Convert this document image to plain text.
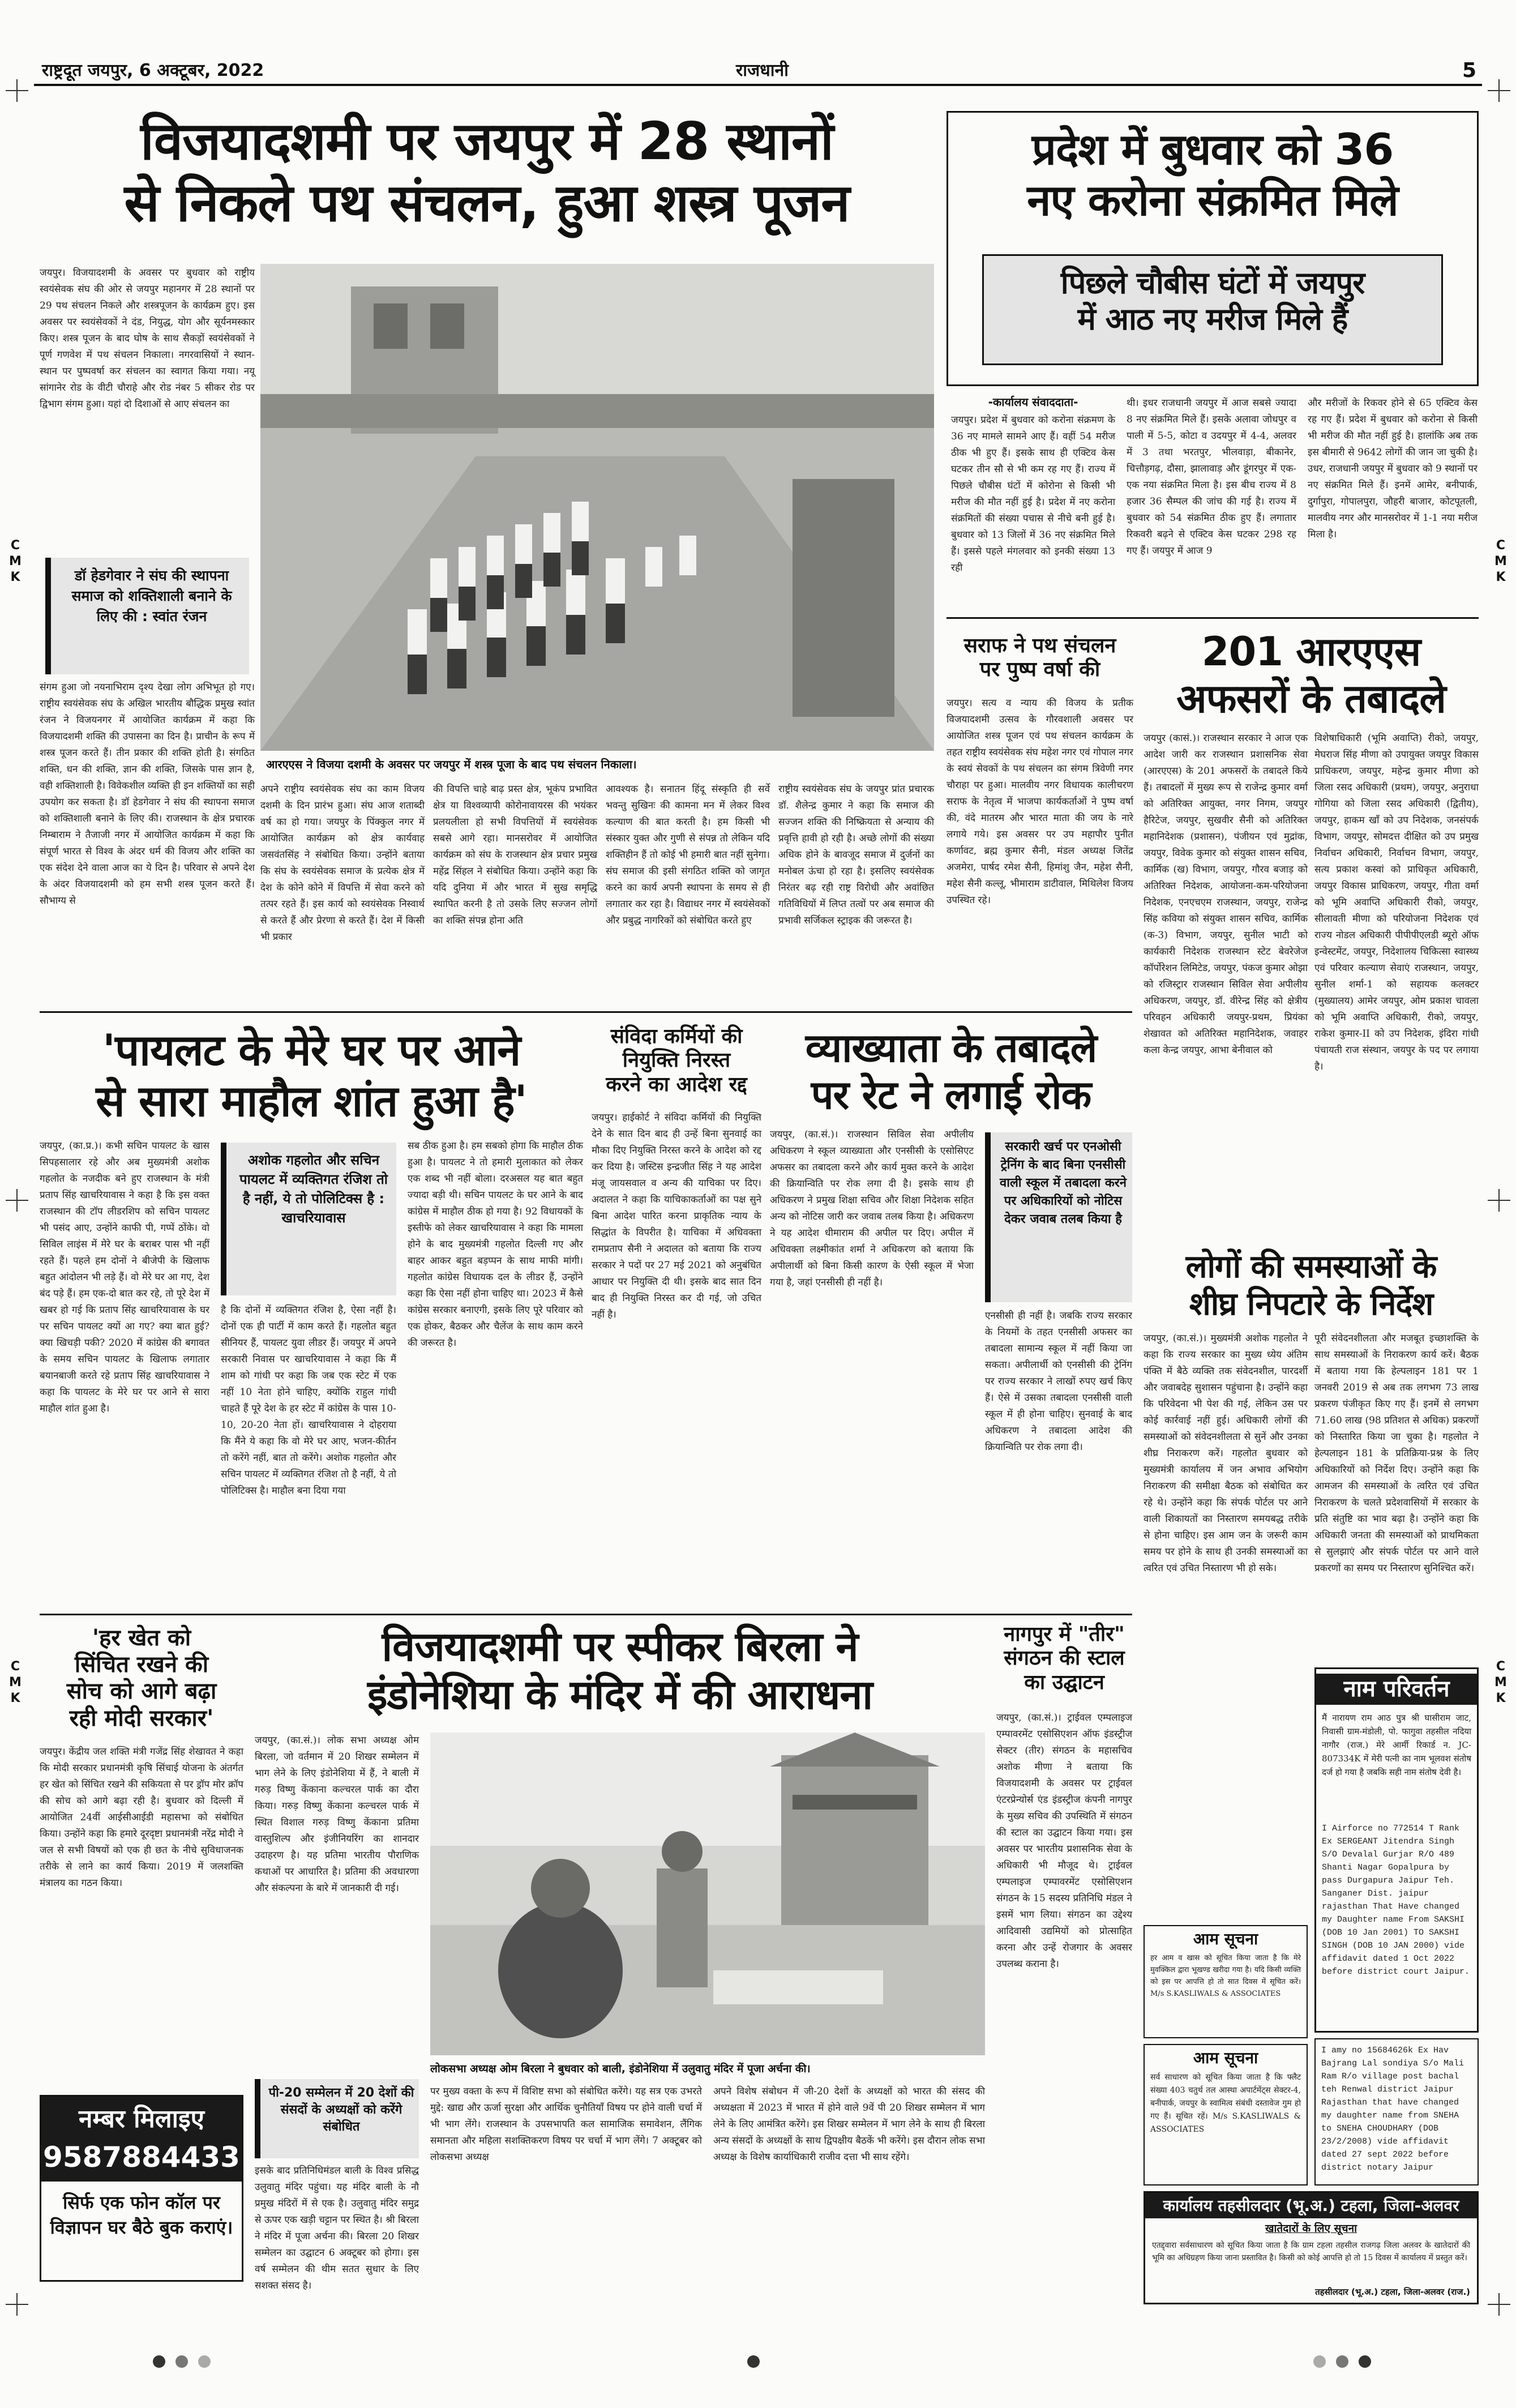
C
M
K
C
M
K
C
M
K
C
M
K
राष्ट्रदूत जयपुर, 6 अक्टूबर, 2022	राजधानी	5
विजयादशमी पर जयपुर में 28 स्थानों
से निकले पथ संचलन, हुआ शस्त्र पूजन
जयपुर। विजयादशमी के अवसर पर बुधवार को राष्ट्रीय स्वयंसेवक संघ की ओर से जयपुर महानगर में 28 स्थानों पर 29 पथ संचलन निकले और शस्त्रपूजन के कार्यक्रम हुए। इस अवसर पर स्वयंसेवकों ने दंड, नियुद्ध, योग और सूर्यनमस्कार किए। शस्त्र पूजन के बाद घोष के साथ सैकड़ों स्वयंसेवकों ने पूर्ण गणवेश में पथ संचलन निकाला। नगरवासियों ने स्थान-स्थान पर पुष्पवर्षा कर संचलन का स्वागत किया गया। नयू सांगानेर रोड के वीटी चौराहे और रोड नंबर 5 सीकर रोड पर द्विभाग संगम हुआ। यहां दो दिशाओं से आए संचलन का
डॉ हेडगेवार ने संघ की स्थापना समाज को शक्तिशाली बनाने के लिए की : स्वांत रंजन
संगम हुआ जो नयनाभिराम दृश्य देखा लोग अभिभूत हो गए। राष्ट्रीय स्वयंसेवक संघ के अखिल भारतीय बौद्धिक प्रमुख स्वांत रंजन ने विजयनगर में आयोजित कार्यक्रम में कहा कि विजयादशमी शक्ति की उपासना का दिन है। प्राचीन के रूप में शस्त्र पूजन करते हैं। तीन प्रकार की शक्ति होती है। संगठित शक्ति, धन की शक्ति, ज्ञान की शक्ति, जिसके पास ज्ञान है, वही शक्तिशाली है। विवेकशील व्यक्ति ही इन शक्तियों का सही उपयोग कर सकता है। डॉ हेडगेवार ने संघ की स्थापना समाज को शक्तिशाली बनाने के लिए की। राजस्थान के क्षेत्र प्रचारक निम्बाराम ने तैजाजी नगर में आयोजित कार्यक्रम में कहा कि संपूर्ण भारत से विश्व के अंदर धर्म की विजय और शक्ति का एक संदेश देने वाला आज का ये दिन है। परिवार से अपने देश के अंदर विजयादशमी को हम सभी शस्त्र पूजन करते हैं। सौभाग्य से
आरएएस ने विजया दशमी के अवसर पर जयपुर में शस्त्र पूजा के बाद पथ संचलन निकाला।
अपने राष्ट्रीय स्वयंसेवक संघ का काम विजय दशमी के दिन प्रारंभ हुआ। संघ आज शताब्दी वर्ष का हो गया। जयपुर के पिंक्कुल नगर में आयोजित कार्यक्रम को क्षेत्र कार्यवाह जसवंतसिंह ने संबोधित किया। उन्होंने बताया कि संघ के स्वयंसेवक समाज के प्रत्येक क्षेत्र में देश के कोने कोने में विपत्ति में सेवा करने को तत्पर रहते हैं। इस कार्य को स्वयंसेवक निस्वार्थ से करते हैं और प्रेरणा से करते हैं। देश में किसी भी प्रकार
की विपत्ति चाहे बाढ़ प्रस्त क्षेत्र, भूकंप प्रभावित क्षेत्र या विश्वव्यापी कोरोनावायरस की भयंकर प्रलयलीला हो सभी विपत्तियों में स्वयंसेवक सबसे आगे रहा। मानसरोवर में आयोजित कार्यक्रम को संघ के राजस्थान क्षेत्र प्रचार प्रमुख महेंद्र सिंहल ने संबोधित किया। उन्होंने कहा कि यदि दुनिया में और भारत में सुख समृद्धि स्थापित करनी है तो उसके लिए सज्जन लोगों का शक्ति संपन्न होना अति
आवश्यक है। सनातन हिंदू संस्कृति ही सर्वे भवन्तु सुखिनः की कामना मन में लेकर विश्व कल्याण की बात करती है। हम किसी भी संस्कार युक्त और गुणी से संपन्न तो लेकिन यदि शक्तिहीन हैं तो कोई भी हमारी बात नहीं सुनेगा। संघ समाज की इसी संगठित शक्ति को जागृत करने का कार्य अपनी स्थापना के समय से ही लगातार कर रहा है। विद्याधर नगर में स्वयंसेवकों और प्रबुद्ध नागरिकों को संबोधित करते हुए
राष्ट्रीय स्वयंसेवक संघ के जयपुर प्रांत प्रचारक डॉ. शैलेन्द्र कुमार ने कहा कि समाज की सज्जन शक्ति की निष्क्रियता से अन्याय की प्रवृत्ति हावी हो रही है। अच्छे लोगों की संख्या अधिक होने के बावजूद समाज में दुर्जनों का मनोबल ऊंचा हो रहा है। इसलिए स्वयंसेवक निरंतर बढ़ रही राष्ट्र विरोधी और अवांछित गतिविधियों में लिप्त तत्वों पर अब समाज की प्रभावी सर्जिकल स्ट्राइक की जरूरत है।
प्रदेश में बुधवार को 36
नए करोना संक्रमित मिले
पिछले चौबीस घंटों में जयपुर
में आठ नए मरीज मिले हैं
-कार्यालय संवाददाता-
जयपुर। प्रदेश में बुधवार को करोना संक्रमण के 36 नए मामले सामने आए हैं। वहीं 54 मरीज ठीक भी हुए हैं। इसके साथ ही एक्टिव केस घटकर तीन सौ से भी कम रह गए हैं। राज्य में पिछले चौबीस घंटों में कोरोना से किसी भी मरीज की मौत नहीं हुई है। प्रदेश में नए करोना संक्रमितों की संख्या पचास से नीचे बनी हुई है। बुधवार को 13 जिलों में 36 नए संक्रमित मिले हैं। इससे पहले मंगलवार को इनकी संख्या 13 रही
थी। इधर राजधानी जयपुर में आज सबसे ज्यादा 8 नए संक्रमित मिले हैं। इसके अलावा जोधपुर व पाली में 5-5, कोटा व उदयपुर में 4-4, अलवर में 3 तथा भरतपुर, भीलवाड़ा, बीकानेर, चित्तौड़गढ़, दौसा, झालावाड़ और डूंगरपुर में एक-एक नया संक्रमित मिला है। इस बीच राज्य में 8 हजार 36 सैम्पल की जांच की गई है। राज्य में बुधवार को 54 संक्रमित ठीक हुए हैं। लगातार रिकवरी बढ़ने से एक्टिव केस घटकर 298 रह गए हैं। जयपुर में आज 9
और मरीजों के रिकवर होने से 65 एक्टिव केस रह गए हैं। प्रदेश में बुधवार को करोना से किसी भी मरीज की मौत नहीं हुई है। हालांकि अब तक इस बीमारी से 9642 लोगों की जान जा चुकी है। उधर, राजधानी जयपुर में बुधवार को 9 स्थानों पर नए संक्रमित मिले हैं। इनमें आमेर, बनीपार्क, दुर्गापुरा, गोपालपुरा, जौहरी बाजार, कोटपूतली, मालवीय नगर और मानसरोवर में 1-1 नया मरीज मिला है।
सराफ ने पथ संचलन
पर पुष्प वर्षा की
जयपुर। सत्य व न्याय की विजय के प्रतीक विजयादशमी उत्सव के गौरवशाली अवसर पर आयोजित शस्त्र पूजन एवं पथ संचलन कार्यक्रम के तहत राष्ट्रीय स्वयंसेवक संघ महेश नगर एवं गोपाल नगर के स्वयं सेवकों के पथ संचलन का संगम त्रिवेणी नगर चौराहा पर हुआ। मालवीय नगर विधायक कालीचरण सराफ के नेतृत्व में भाजपा कार्यकर्ताओं ने पुष्प वर्षा की, वंदे मातरम और भारत माता की जय के नारे लगाये गये। इस अवसर पर उप महापौर पुनीत कर्णावट, ब्रह्म कुमार सैनी, मंडल अध्यक्ष जितेंद्र अजमेरा, पार्षद रमेश सैनी, हिमांशु जैन, महेश सैनी, महेश सैनी कल्लू, भीमाराम डाटीवाल, मिथिलेश विजय उपस्थित रहे।
201 आरएएस
अफसरों के तबादले
जयपुर (कासं.)। राजस्थान सरकार ने आज एक आदेश जारी कर राजस्थान प्रशासनिक सेवा (आरएएस) के 201 अफसरों के तबादले किये हैं। तबादलों में मुख्य रूप से राजेन्द्र कुमार वर्मा को अतिरिक्त आयुक्त, नगर निगम, जयपुर हैरिटेज, जयपुर, सुखवीर सैनी को अतिरिक्त महानिदेशक (प्रशासन), पंजीयन एवं मुद्रांक, जयपुर, विवेक कुमार को संयुक्त शासन सचिव, कार्मिक (ख) विभाग, जयपुर, गौरव बजाड़ को अतिरिक्त निदेशक, आयोजना-कम-परियोजना निदेशक, एनएचएम राजस्थान, जयपुर, राजेन्द्र सिंह कविया को संयुक्त शासन सचिव, कार्मिक (क-3) विभाग, जयपुर, सुनील भाटी को कार्यकारी निदेशक राजस्थान स्टेट बेवरेजेज कॉर्पोरेशन लिमिटेड, जयपुर, पंकज कुमार ओझा को रजिस्ट्रार राजस्थान सिविल सेवा अपीलीय अधिकरण, जयपुर, डॉ. वीरेन्द्र सिंह को क्षेत्रीय परिवहन अधिकारी जयपुर-प्रथम, प्रियंका शेखावत को अतिरिक्त महानिदेशक, जवाहर कला केन्द्र जयपुर, आभा बेनीवाल को
विशेषाधिकारी (भूमि अवाप्ति) रीको, जयपुर, मेघराज सिंह मीणा को उपायुक्त जयपुर विकास प्राधिकरण, जयपुर, महेन्द्र कुमार मीणा को जिला रसद अधिकारी (प्रथम), जयपुर, अनुराधा गोगिया को जिला रसद अधिकारी (द्वितीय), जयपुर, हाकम खाँ को उप निदेशक, जनसंपर्क विभाग, जयपुर, सोमदत्त दीक्षित को उप प्रमुख निर्वाचन अधिकारी, निर्वाचन विभाग, जयपुर, सत्य प्रकाश कस्वां को प्राधिकृत अधिकारी, जयपुर विकास प्राधिकरण, जयपुर, गीता वर्मा को भूमि अवाप्ति अधिकारी रीको, जयपुर, सीलावती मीणा को परियोजना निदेशक एवं राज्य नोडल अधिकारी पीपीपीएलडी ब्यूरो ऑफ इन्वेस्टमेंट, जयपुर, निदेशालय चिकित्सा स्वास्थ्य एवं परिवार कल्याण सेवाएं राजस्थान, जयपुर, सुनील शर्मा-1 को सहायक कलक्टर (मुख्यालय) आमेर जयपुर, ओम प्रकाश चावला को भूमि अवाप्ति अधिकारी, रीको, जयपुर, राकेश कुमार-II को उप निदेशक, इंदिरा गांधी पंचायती राज संस्थान, जयपुर के पद पर लगाया है।
'पायलट के मेरे घर पर आने
से सारा माहौल शांत हुआ है'
जयपुर, (का.प्र.)। कभी सचिन पायलट के खास सिपहसालार रहे और अब मुख्यमंत्री अशोक गहलोत के नजदीक बने हुए राजस्थान के मंत्री प्रताप सिंह खाचरियावास ने कहा है कि इस वक्त राजस्थान की टॉप लीडरशिप को सचिन पायलट भी पसंद आए, उन्होंने काफी पी, गप्पें ठोंके। वो सिविल लाइंस में मेरे घर के बराबर पास भी नहीं रहते हैं। पहले हम दोनों ने बीजेपी के खिलाफ बहुत आंदोलन भी लड़े हैं। वो मेरे घर आ गए, देश बंद पड़े हैं। हम एक-दो बात कर रहे, तो पूरे देश में खबर हो गई कि प्रताप सिंह खाचरियावास के घर पर सचिन पायलट क्यों आ गए? क्या बात हुई? क्या खिचड़ी पकी? 2020 में कांग्रेस की बगावत के समय सचिन पायलट के खिलाफ लगातार बयानबाजी करते रहे प्रताप सिंह खाचरियावास ने कहा कि पायलट के मेरे घर पर आने से सारा माहौल शांत हुआ है।
अशोक गहलोत और सचिन पायलट में व्यक्तिगत रंजिश तो है नहीं, ये तो पोलिटिक्स है : खाचरियावास
है कि दोनों में व्यक्तिगत रंजिश है, ऐसा नहीं है। दोनों एक ही पार्टी में काम करते हैं। गहलोत बहुत सीनियर हैं, पायलट युवा लीडर हैं। जयपुर में अपने सरकारी निवास पर खाचरियावास ने कहा कि मैं शाम को गांधी पर कहा कि जब एक स्टेट में एक नहीं 10 नेता होने चाहिए, क्योंकि राहुल गांधी चाहते हैं पूरे देश के हर स्टेट में कांग्रेस के पास 10-10, 20-20 नेता हों। खाचरियावास ने दोहराया कि मैंने ये कहा कि वो मेरे घर आए, भजन-कीर्तन तो करेंगे नहीं, बात तो करेंगे। अशोक गहलोत और सचिन पायलट में व्यक्तिगत रंजिश तो है नहीं, ये तो पोलिटिक्स है। माहौल बना दिया गया
सब ठीक हुआ है। हम सबको होगा कि माहौल ठीक हुआ है। पायलट ने तो हमारी मुलाकात को लेकर एक शब्द भी नहीं बोला। दरअसल यह बात बहुत ज्यादा बड़ी थी। सचिन पायलट के घर आने के बाद कांग्रेस में माहौल ठीक हो गया है। 92 विधायकों के इस्तीफे को लेकर खाचरियावास ने कहा कि मामला होने के बाद मुख्यमंत्री गहलोत दिल्ली गए और बाहर आकर बहुत बड़प्पन के साथ माफी मांगी। गहलोत कांग्रेस विधायक दल के लीडर हैं, उन्होंने कहा कि ऐसा नहीं होना चाहिए था। 2023 में कैसे कांग्रेस सरकार बनाएगी, इसके लिए पूरे परिवार को एक होकर, बैठकर और चैलेंज के साथ काम करने की जरूरत है।
संविदा कर्मियों की
नियुक्ति निरस्त
करने का आदेश रद्द
जयपुर। हाईकोर्ट ने संविदा कर्मियों की नियुक्ति देने के सात दिन बाद ही उन्हें बिना सुनवाई का मौका दिए नियुक्ति निरस्त करने के आदेश को रद्द कर दिया है। जस्टिस इन्द्रजीत सिंह ने यह आदेश मंजू जायसवाल व अन्य की याचिका पर दिए। अदालत ने कहा कि याचिकाकर्ताओं का पक्ष सुने बिना आदेश पारित करना प्राकृतिक न्याय के सिद्धांत के विपरीत है। याचिका में अधिवक्ता रामप्रताप सैनी ने अदालत को बताया कि राज्य सरकार ने पदों पर 27 मई 2021 को अनुबंधित आधार पर नियुक्ति दी थी। इसके बाद सात दिन बाद ही नियुक्ति निरस्त कर दी गई, जो उचित नहीं है।
व्याख्याता के तबादले
पर रेट ने लगाई रोक
सरकारी खर्च पर एनओसी ट्रेनिंग के बाद बिना एनसीसी वाली स्कूल में तबादला करने पर अधिकारियों को नोटिस देकर जवाब तलब किया है
जयपुर, (का.सं.)। राजस्थान सिविल सेवा अपीलीय अधिकरण ने स्कूल व्याख्याता और एनसीसी के एसोसिएट अफसर का तबादला करने और कार्य मुक्त करने के आदेश की क्रियान्विति पर रोक लगा दी है। इसके साथ ही अधिकरण ने प्रमुख शिक्षा सचिव और शिक्षा निदेशक सहित अन्य को नोटिस जारी कर जवाब तलब किया है। अधिकरण ने यह आदेश धीमाराम की अपील पर दिए। अपील में अधिवक्ता लक्ष्मीकांत शर्मा ने अधिकरण को बताया कि अपीलार्थी को बिना किसी कारण के ऐसी स्कूल में भेजा गया है, जहां एनसीसी ही नहीं है।
एनसीसी ही नहीं है। जबकि राज्य सरकार के नियमों के तहत एनसीसी अफसर का तबादला सामान्य स्कूल में नहीं किया जा सकता। अपीलार्थी को एनसीसी की ट्रेनिंग पर राज्य सरकार ने लाखों रुपए खर्च किए हैं। ऐसे में उसका तबादला एनसीसी वाली स्कूल में ही होना चाहिए। सुनवाई के बाद अधिकरण ने तबादला आदेश की क्रियान्विति पर रोक लगा दी।
लोगों की समस्याओं के
शीघ्र निपटारे के निर्देश
जयपुर, (का.सं.)। मुख्यमंत्री अशोक गहलोत ने कहा कि राज्य सरकार का मुख्य ध्येय अंतिम पंक्ति में बैठे व्यक्ति तक संवेदनशील, पारदर्शी और जवाबदेह सुशासन पहुंचाना है। उन्होंने कहा कि परिवेदना भी पेश की गई, लेकिन उस पर कोई कार्रवाई नहीं हुई। अधिकारी लोगों की समस्याओं को संवेदनशीलता से सुनें और उनका शीघ्र निराकरण करें। गहलोत बुधवार को मुख्यमंत्री कार्यालय में जन अभाव अभियोग निराकरण की समीक्षा बैठक को संबोधित कर रहे थे। उन्होंने कहा कि संपर्क पोर्टल पर आने वाली शिकायतों का निस्तारण समयबद्ध तरीके से होना चाहिए। इस आम जन के जरूरी काम समय पर होने के साथ ही उनकी समस्याओं का त्वरित एवं उचित निस्तारण भी हो सके।
पूरी संवेदनशीलता और मजबूत इच्छाशक्ति के साथ समस्याओं के निराकरण कार्य करें। बैठक में बताया गया कि हेल्पलाइन 181 पर 1 जनवरी 2019 से अब तक लगभग 73 लाख प्रकरण पंजीकृत किए गए हैं। इनमें से लगभग 71.60 लाख (98 प्रतिशत से अधिक) प्रकरणों को निस्तारित किया जा चुका है। गहलोत ने हेल्पलाइन 181 के प्रतिक्रिया-प्रश्न के लिए अधिकारियों को निर्देश दिए। उन्होंने कहा कि आमजन की समस्याओं के त्वरित एवं उचित निराकरण के चलते प्रदेशवासियों में सरकार के प्रति संतुष्टि का भाव बढ़ा है। उन्होंने कहा कि अधिकारी जनता की समस्याओं को प्राथमिकता से सुलझाएं और संपर्क पोर्टल पर आने वाले प्रकरणों का समय पर निस्तारण सुनिश्चित करें।
'हर खेत को
सिंचित रखने की
सोच को आगे बढ़ा
रही मोदी सरकार'
जयपुर। केंद्रीय जल शक्ति मंत्री गजेंद्र सिंह शेखावत ने कहा कि मोदी सरकार प्रधानमंत्री कृषि सिंचाई योजना के अंतर्गत हर खेत को सिंचित रखने की सकियता से पर ड्रॉप मोर क्रॉप की सोच को आगे बढ़ा रही है। बुधवार को दिल्ली में आयोजित 24वीं आईसीआईडी महासभा को संबोधित किया। उन्होंने कहा कि हमारे दूरदृष्टा प्रधानमंत्री नरेंद्र मोदी ने जल से सभी विषयों को एक ही छत के नीचे सुविधाजनक तरीके से लाने का कार्य किया। 2019 में जलशक्ति मंत्रालय का गठन किया।
नम्बर मिलाइए
9587884433
सिर्फ एक फोन कॉल पर विज्ञापन घर बैठे बुक कराएं।
विजयादशमी पर स्पीकर बिरला ने
इंडोनेशिया के मंदिर में की आराधना
जयपुर, (का.सं.)। लोक सभा अध्यक्ष ओम बिरला, जो वर्तमान में 20 शिखर सम्मेलन में भाग लेने के लिए इंडोनेशिया में हैं, ने बाली में गरुड़ विष्णु केंकाना कल्चरल पार्क का दौरा किया। गरुड़ विष्णु केंकाना कल्चरल पार्क में स्थित विशाल गरुड़ विष्णु केंकाना प्रतिमा वास्तुशिल्प और इंजीनियरिंग का शानदार उदाहरण है। यह प्रतिमा भारतीय पौराणिक कथाओं पर आधारित है। प्रतिमा की अवधारणा और संकल्पना के बारे में जानकारी दी गई।
लोकसभा अध्यक्ष ओम बिरला ने बुधवार को बाली, इंडोनेशिया में उलुवातु मंदिर में पूजा अर्चना की।
पी-20 सम्मेलन में 20 देशों की संसदों के अध्यक्षों को करेंगे संबोधित
इसके बाद प्रतिनिधिमंडल बाली के विश्व प्रसिद्ध उलुवातु मंदिर पहुंचा। यह मंदिर बाली के नौ प्रमुख मंदिरों में से एक है। उलुवातु मंदिर समुद्र से ऊपर एक खड़ी चट्टान पर स्थित है। श्री बिरला ने मंदिर में पूजा अर्चना की। बिरला 20 शिखर सम्मेलन का उद्घाटन 6 अक्टूबर को होगा। इस वर्ष सम्मेलन की थीम सतत सुधार के लिए सशक्त संसद है।
पर मुख्य वक्ता के रूप में विशिष्ट सभा को संबोधित करेंगे। यह सत्र एक उभरते मुद्दे: खाद्य और ऊर्जा सुरक्षा और आर्थिक चुनौतियाँ विषय पर होने वाली चर्चा में भी भाग लेंगे। राजस्थान के उपसभापति कल सामाजिक समावेशन, लैंगिक समानता और महिला सशक्तिकरण विषय पर चर्चा में भाग लेंगे। 7 अक्टूबर को लोकसभा अध्यक्ष
अपने विशेष संबोधन में जी-20 देशों के अध्यक्षों को भारत की संसद की अध्यक्षता में 2023 में भारत में होने वाले 9वें पी 20 शिखर सम्मेलन में भाग लेने के लिए आमंत्रित करेंगे। इस शिखर सम्मेलन में भाग लेने के साथ ही बिरला अन्य संसदों के अध्यक्षों के साथ द्विपक्षीय बैठकें भी करेंगे। इस दौरान लोक सभा अध्यक्ष के विशेष कार्याधिकारी राजीव दत्ता भी साथ रहेंगे।
नागपुर में "तीर"
संगठन की स्टाल
का उद्घाटन
जयपुर, (का.सं.)। ट्राईवल एम्पलाइज एम्पावरमेंट एसोसिएशन ऑफ इंडस्ट्रीज सेक्टर (तीर) संगठन के महासचिव अशोक मीणा ने बताया कि विजयादशमी के अवसर पर ट्राईवल एंटरप्रेन्योर्स एंड इंडस्ट्रीज कंपनी नागपुर के मुख्य सचिव की उपस्थिति में संगठन की स्टाल का उद्घाटन किया गया। इस अवसर पर भारतीय प्रशासनिक सेवा के अधिकारी भी मौजूद थे। ट्राईवल एम्पलाइज एम्पावरमेंट एसोसिएशन संगठन के 15 सदस्य प्रतिनिधि मंडल ने इसमें भाग लिया। संगठन का उद्देश्य आदिवासी उद्यमियों को प्रोत्साहित करना और उन्हें रोजगार के अवसर उपलब्ध कराना है।
नाम परिवर्तन
मैं नारायण राम आठ पुत्र श्री घासीराम जाट, निवासी ग्राम-मंडोली, पो. फागुवा तहसील नदिया नागौर (राज.) मेरे आर्मी रिकार्ड न. JC-807334K में मेरी पत्नी का नाम भूलवश संतोष दर्ज हो गया है जबकि सही नाम संतोष देवी है।
I Airforce no 772514 T Rank Ex SERGEANT Jitendra Singh S/O Devalal Gurjar R/O 489 Shanti Nagar Gopalpura by pass Durgapura Jaipur Teh. Sanganer Dist. jaipur rajasthan That Have changed my Daughter name From SAKSHI (DOB 10 Jan 2001) TO SAKSHI SINGH (DOB 10 JAN 2000) vide affidavit dated 1 Oct 2022 before district court Jaipur.
आम सूचना
हर आम व खास को सूचित किया जाता है कि मेरे मुवक्किल द्वारा भूखण्ड खरीदा गया है। यदि किसी व्यक्ति को इस पर आपत्ति हो तो सात दिवस में सूचित करें। M/s S.KASLIWALS & ASSOCIATES
आम सूचना
सर्व साधारण को सूचित किया जाता है कि फ्लैट संख्या 403 चतुर्थ तल आस्था अपार्टमेंट्स सेक्टर-4, बनीपार्क, जयपुर के स्वामित्व संबंधी दस्तावेज गुम हो गए हैं। सूचित रहें। M/s S.KASLIWALS & ASSOCIATES
I amy no 15684626k Ex Hav Bajrang Lal sondiya S/o Mali Ram R/o village post bachal teh Renwal district Jaipur Rajasthan that have changed my daughter name from SNEHA to SNEHA CHOUDHARY (DOB 23/2/2008) vide affidavit dated 27 sept 2022 before district notary Jaipur
कार्यालय तहसीलदार (भू.अ.) टहला, जिला-अलवर
खातेदारों के लिए सूचना
एतद्द्वारा सर्वसाधारण को सूचित किया जाता है कि ग्राम टहला तहसील राजगढ़ जिला अलवर के खातेदारों की भूमि का अधिग्रहण किया जाना प्रस्तावित है। किसी को कोई आपत्ति हो तो 15 दिवस में कार्यालय में प्रस्तुत करें।
तहसीलदार (भू.अ.) टहला, जिला-अलवर (राज.)
